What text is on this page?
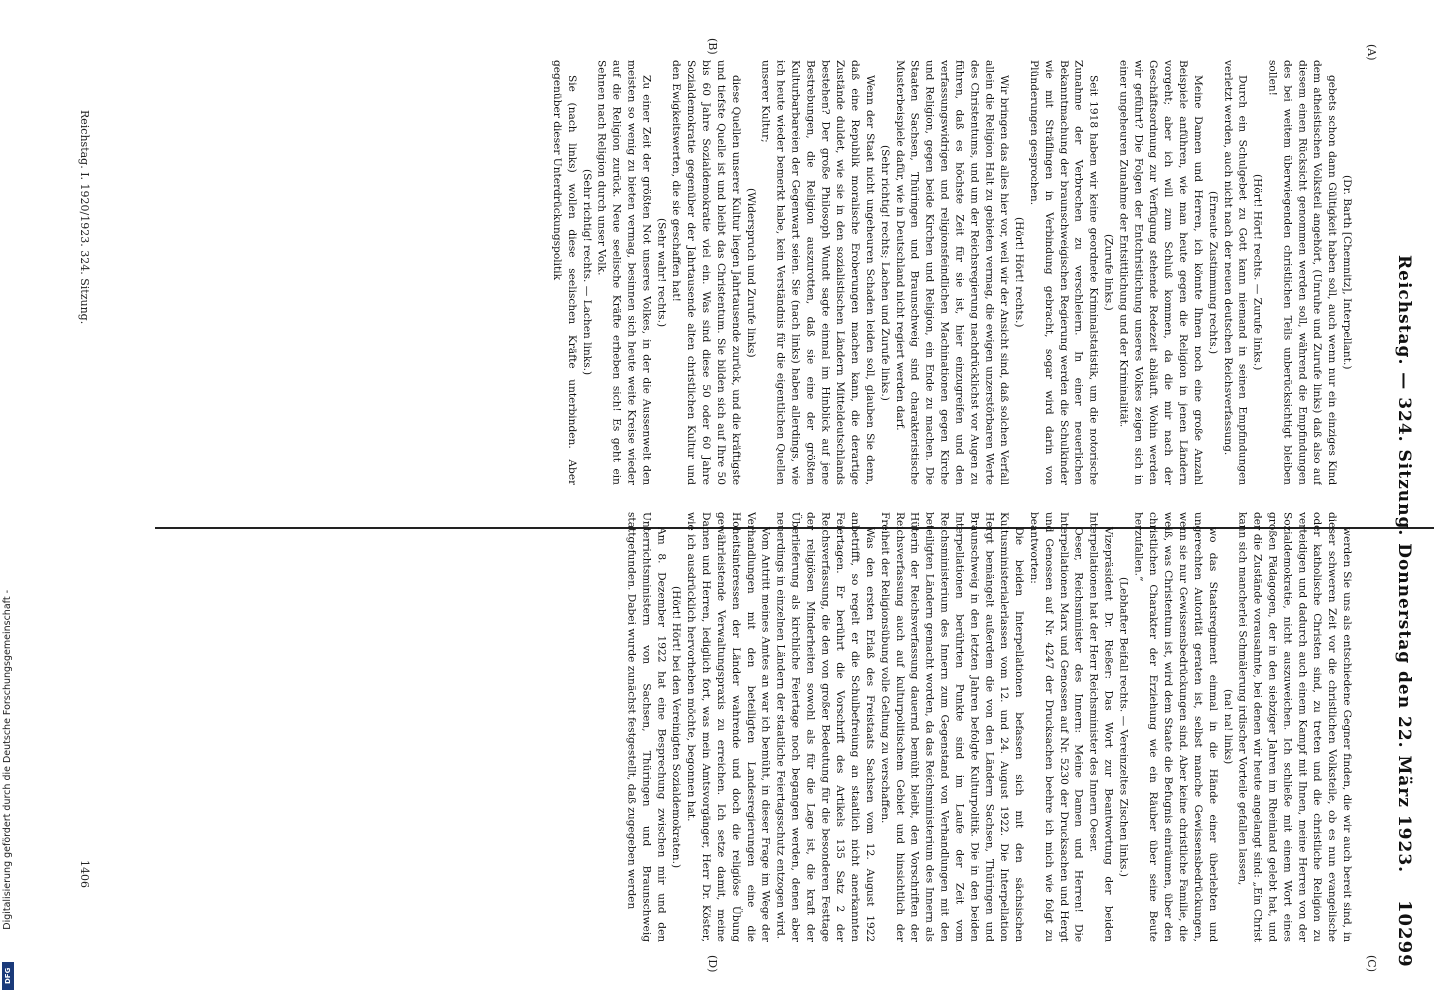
Reichstag. — 324. Sitzung. Donnerstag den 22. März 1923.
10299
(A)
(B)
(C)
(D)

(Dr. Barth [Chemnitz], Interpellant.)

gebets schon dann Gültigkeit haben soll, auch wenn nur ein einziges Kind dem atheistischen Volksteil angehört, (Unruhe und Zurufe links) daß also auf diesem einen Rücksicht genommen werden soll, während die Empfindungen des bei weitem überwiegenden christlichen Teils unberücksichtigt bleiben sollen!

(Hört! Hört! rechts. — Zurufe links.)

Durch ein Schulgebet zu Gott kann niemand in seinen Empfindungen verletzt werden, auch nicht nach der neuen deutschen Reichsverfassung.

(Erneute Zustimmung rechts.)

Meine Damen und Herren, ich könnte Ihnen noch eine große Anzahl Beispiele anführen, wie man heute gegen die Religion in jenen Ländern vorgeht; aber ich will zum Schluß kommen, da die mir nach der Geschäftsordnung zur Verfügung stehende Redezeit abläuft. Wohin werden wir geführt? Die Folgen der Entchristlichung unseres Volkes zeigen sich in einer ungeheuren Zunahme der Entsittlichung und der Kriminalität.

(Zurufe links.)

Seit 1918 haben wir keine geordnete Kriminalstatistik, um die notorische Zunahme der Verbrechen zu verschleiern. In einer neuerlichen Bekanntmachung der braunschweigischen Regierung werden die Schulkinder wie mit Sträflingen in Verbindung gebracht, sogar wird darin von Plünderungen gesprochen.

(Hört! Hört! rechts.)

Wir bringen das alles hier vor, weil wir der Ansicht sind, daß solchen Verfall allein die Religion Halt zu gebieten vermag, die ewigen unzerstörbaren Werte des Christentums, und um der Reichsregierung nachdrücklichst vor Augen zu führen, daß es höchste Zeit für sie ist, hier einzugreifen und den verfassungswidrigen und religionsfeindlichen Machinationen gegen Kirche und Religion, gegen beide Kirchen und Religion, ein Ende zu machen. Die Staaten Sachsen, Thüringen und Braunschweig sind charakteristische Musterbeispiele dafür, wie in Deutschland nicht regiert werden darf.

(Sehr richtig! rechts; Lachen und Zurufe links.)

Wenn der Staat nicht ungeheuren Schaden leiden soll, glauben Sie denn, daß eine Republik moralische Eroberungen machen kann, die derartige Zustände duldet, wie sie in den sozialistischen Ländern Mitteldeutschlands bestehen? Der große Philosoph Wundt sagte einmal im Hinblick auf jene Bestrebungen, die Religion auszurotten, daß sie eine der größten Kulturbarbareien der Gegenwart seien. Sie (nach links) haben allerdings, wie ich heute wieder bemerkt habe, kein Verständnis für die eigentlichen Quellen unserer Kultur;

(Widerspruch und Zurufe links)

diese Quellen unserer Kultur liegen Jahrtausende zurück, und die kräftigste und tiefste Quelle ist und bleibt das Christentum. Sie bilden sich auf Ihre 50 bis 60 Jahre Sozialdemokratie viel ein. Was sind diese 50 oder 60 Jahre Sozialdemokratie gegenüber der Jahrtausende alten christlichen Kultur und den Ewigkeitswerten, die sie geschaffen hat!

(Sehr wahr! rechts.)

Zu einer Zeit der größten Not unseres Volkes, in der die Aussenwelt den meisten so wenig zu bieten vermag, besinnen sich heute weite Kreise wieder auf die Religion zurück. Neue seelische Kräfte erheben sich! Es geht ein Sehnen nach Religion durch unser Volk.

(Sehr richtig! rechts. — Lachen links.)

Sie (nach links) wollen diese seelischen Kräfte unterbinden. Aber gegenüber dieser Unterdrückungspolitik

werden Sie uns als entschiedene Gegner finden, die wir auch bereit sind, in dieser schweren Zeit vor die christlichen Volksteile, ob es nun evangelische oder katholische Christen sind, zu treten und die christliche Religion zu verteidigen und dadurch auch einem Kampf mit Ihnen, meine Herren von der Sozialdemokratie, nicht auszuweichen. Ich schließe mit einem Wort eines großen Pädagogen, der in den siebziger Jahren im Rheinland gelebt hat, und der die Zustände vorausahnte, bei denen wir heute angelangt sind: „Ein Christ kann sich mancherlei Schmälerung irdischer Vorteile gefallen lassen,

(na! na! links)

wo das Staatsregiment einmal in die Hände einer überlebten und ungerechten Autorität geraten ist, selbst manche Gewissensbedrückungen, wenn sie nur Gewissensbedrückungen sind. Aber keine christliche Familie, die weiß, was Christentum ist, wird dem Staate die Befugnis einräumen, über den christlichen Charakter der Erziehung wie ein Räuber über seine Beute herzufallen.“

(Lebhafter Beifall rechts. — Vereinzeltes Zischen links.)

Vizepräsident Dr. Rießer: Das Wort zur Beantwortung der beiden Interpellationen hat der Herr Reichsminister des Innern Oeser.

Oeser, Reichsminister des Innern: Meine Damen und Herren! Die Interpellationen Marx und Genossen auf Nr. 5230 der Drucksachen und Hergt und Genossen auf Nr. 4247 der Drucksachen beehre ich mich wie folgt zu beantworten:

Die beiden Interpellationen befassen sich mit den sächsischen Kultusministerialerlassen vom 12. und 24. August 1922. Die Interpellation Hergt bemängelt außerdem die von den Ländern Sachsen, Thüringen und Braunschweig in den letzten Jahren befolgte Kulturpolitik. Die in den beiden Interpellationen berührten Punkte sind im Laufe der Zeit vom Reichsministerium des Innern zum Gegenstand von Verhandlungen mit den beteiligten Ländern gemacht worden, da das Reichsministerium des Innern als Hüterin der Reichsverfassung dauernd bemüht bleibt, den Vorschriften der Reichsverfassung auch auf kulturpolitischem Gebiet und hinsichtlich der Freiheit der Religionsübung volle Geltung zu verschaffen.

Was den ersten Erlaß des Freistaats Sachsen vom 12. August 1922 anbetrifft, so regelt er die Schulbefreiung an staatlich nicht anerkannten Feiertagen. Er berührt die Vorschrift des Artikels 135 Satz 2 der Reichsverfassung, die den von großer Bedeutung für die besonderen Festtage der religiösen Minderheiten sowohl als für die Lage ist, die kraft der Überlieferung als kirchliche Feiertage noch begangen werden, denen aber neuerdings in einzelnen Ländern der staatliche Feiertagsschutz entzogen wird.

Vom Antritt meines Amtes an war ich bemüht, in dieser Frage im Wege der Verhandlungen mit den beteiligten Landesregierungen eine die Hoheitsinteressen der Länder wahrende und doch die religiöse Übung gewährleistende Verwaltungspraxis zu erreichen. Ich setze damit, meine Damen und Herren, lediglich fort, was mein Amtsvorgänger, Herr Dr. Köster, wie ich ausdrücklich hervorheben möchte, begonnen hat.

(Hört! Hört! bei den Vereinigten Sozialdemokraten.)

Am 8. Dezember 1922 hat eine Besprechung zwischen mir und den Unterrichtsministern von Sachsen, Thüringen und Braunschweig stattgefunden. Dabei wurde zunächst festgestellt, daß zugegeben werden

Reichstag. I. 1920/1923. 324. Sitzung.
1406
Digitalisierung gefördert durch die Deutsche Forschungsgemeinschaft -
DFG
